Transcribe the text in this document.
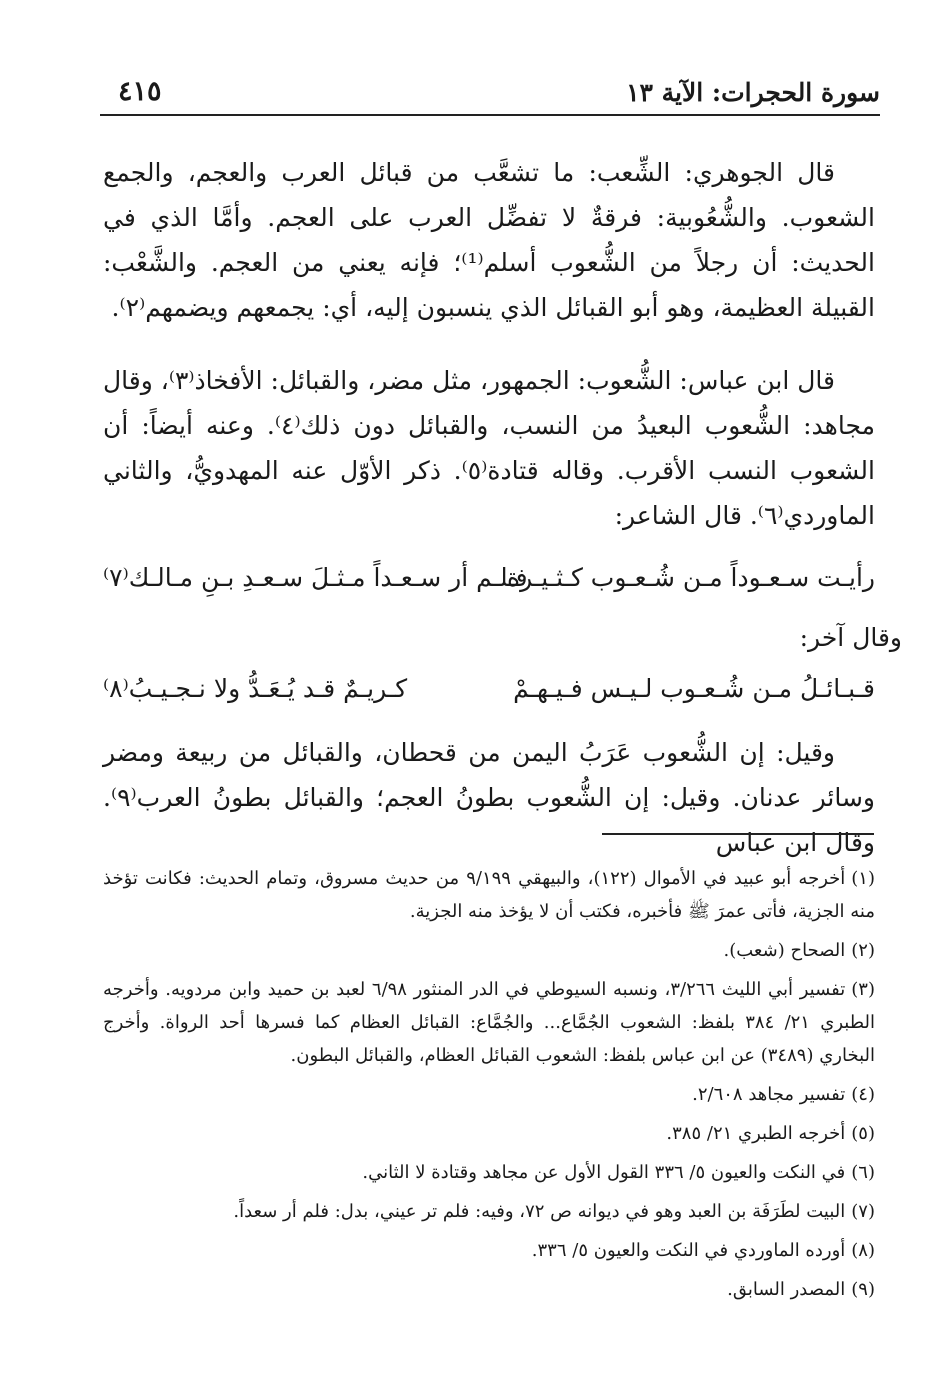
سورة الحجرات: الآية ١٣
٤١٥
قال الجوهري: الشِّعب: ما تشعَّب من قبائل العرب والعجم، والجمع الشعوب. والشُّعُوبية: فرقةٌ لا تفضِّل العرب على العجم. وأمَّا الذي في الحديث: أن رجلاً من الشُّعوب أسلم⁽¹⁾؛ فإنه يعني من العجم. والشَّعْب: القبيلة العظيمة، وهو أبو القبائل الذي ينسبون إليه، أي: يجمعهم ويضمهم⁽٢⁾.
قال ابن عباس: الشُّعوب: الجمهور، مثل مضر، والقبائل: الأفخاذ⁽٣⁾، وقال مجاهد: الشُّعوب البعيدُ من النسب، والقبائل دون ذلك⁽٤⁾. وعنه أيضاً: أن الشعوب النسب الأقرب. وقاله قتادة⁽٥⁾. ذكر الأوّل عنه المهدويُّ، والثاني الماوردي⁽٦⁾. قال الشاعر:
رأيـت سـعـوداً مـن شُـعـوب كـثـيـرة
فـلـم أر سـعـداً مـثـلَ سـعـدِ بـنِ مـالـك⁽٧⁾
وقال آخر:
قـبـائـلُ مـن شُـعـوب لـيـس فـيـهـمْ
كـريـمٌ قـد يُـعَـدُّ ولا نـجـيـبُ⁽٨⁾
وقيل: إن الشُّعوب عَرَبُ اليمن من قحطان، والقبائل من ربيعة ومضر وسائر عدنان. وقيل: إن الشُّعوب بطونُ العجم؛ والقبائل بطونُ العرب⁽٩⁾. وقال ابن عباس
(١)أخرجه أبو عبيد في الأموال (١٢٢)، والبيهقي ٩/١٩٩ من حديث مسروق، وتمام الحديث: فكانت تؤخذ منه الجزية، فأتى عمرَ ﷺ فأخبره، فكتب أن لا يؤخذ منه الجزية.
(٢)الصحاح (شعب).
(٣)تفسير أبي الليث ٣/٢٦٦، ونسبه السيوطي في الدر المنثور ٦/٩٨ لعبد بن حميد وابن مردويه. وأخرجه الطبري ٢١/ ٣٨٤ بلفظ: الشعوب الجُمَّاع... والجُمَّاع: القبائل العظام كما فسرها أحد الرواة. وأخرج البخاري (٣٤٨٩) عن ابن عباس بلفظ: الشعوب القبائل العظام، والقبائل البطون.
(٤)تفسير مجاهد ٢/٦٠٨.
(٥)أخرجه الطبري ٢١/ ٣٨٥.
(٦)في النكت والعيون ٥/ ٣٣٦ القول الأول عن مجاهد وقتادة لا الثاني.
(٧)البيت لطَرَفَة بن العبد وهو في ديوانه ص ٧٢، وفيه: فلم تر عيني، بدل: فلم أر سعداً.
(٨)أورده الماوردي في النكت والعيون ٥/ ٣٣٦.
(٩)المصدر السابق.
